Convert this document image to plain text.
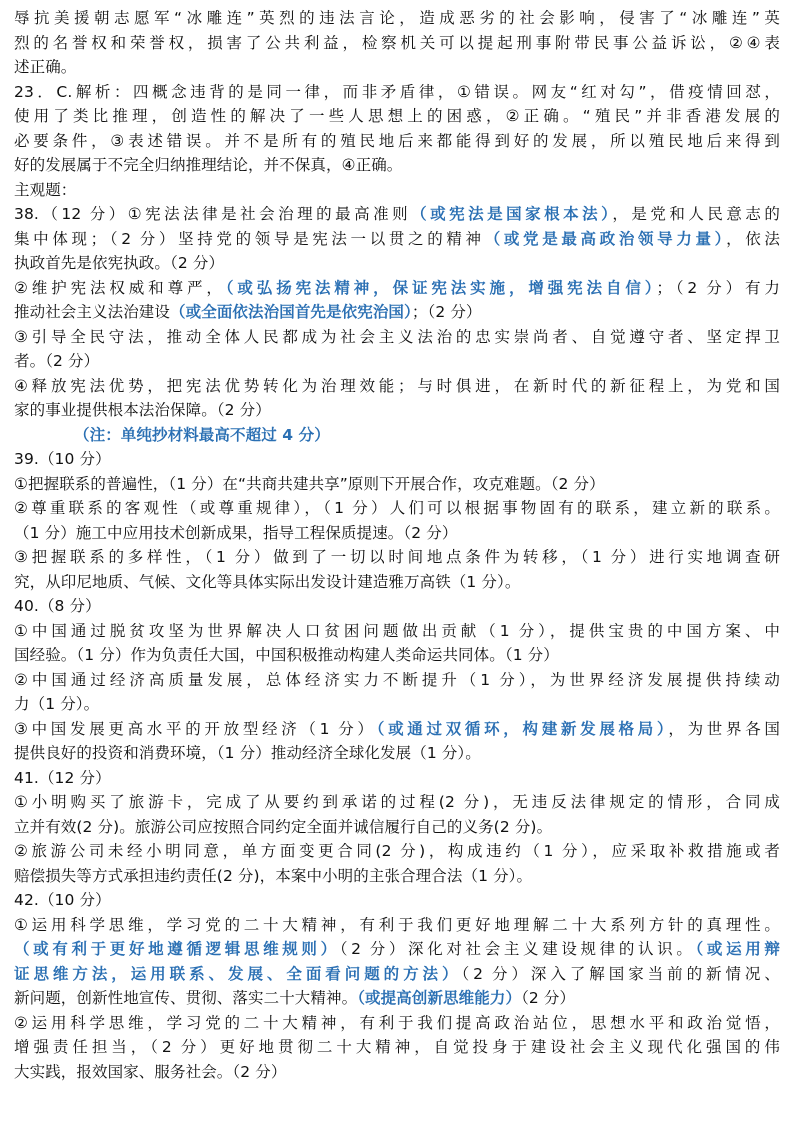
辱抗美援朝志愿军“冰雕连”英烈的违法言论，造成恶劣的社会影响，侵害了“冰雕连”英
烈的名誉权和荣誉权，损害了公共利益，检察机关可以提起刑事附带民事公益诉讼，②④表
述正确。
23．C.解析：四概念违背的是同一律，而非矛盾律，①错误。网友“红对勾”，借疫情回怼，
使用了类比推理，创造性的解决了一些人思想上的困惑，②正确。“殖民”并非香港发展的
必要条件，③表述错误。并不是所有的殖民地后来都能得到好的发展，所以殖民地后来得到
好的发展属于不完全归纳推理结论，并不保真，④正确。
主观题：
38.（12 分）①宪法法律是社会治理的最高准则（或宪法是国家根本法），是党和人民意志的
集中体现；（2 分）坚持党的领导是宪法一以贯之的精神（或党是最高政治领导力量），依法
执政首先是依宪执政。（2 分）
②维护宪法权威和尊严，（或弘扬宪法精神，保证宪法实施，增强宪法自信）；（2 分）有力
推动社会主义法治建设（或全面依法治国首先是依宪治国）；（2 分）
③引导全民守法，推动全体人民都成为社会主义法治的忠实崇尚者、自觉遵守者、坚定捍卫
者。（2 分）
④释放宪法优势，把宪法优势转化为治理效能；与时俱进，在新时代的新征程上，为党和国
家的事业提供根本法治保障。（2 分）
（注：单纯抄材料最高不超过 4 分）
39.（10 分）
①把握联系的普遍性，（1 分）在“共商共建共享”原则下开展合作，攻克难题。（2 分）
②尊重联系的客观性（或尊重规律），（1 分）人们可以根据事物固有的联系，建立新的联系。
（1 分）施工中应用技术创新成果，指导工程保质提速。（2 分）
③把握联系的多样性，（1 分）做到了一切以时间地点条件为转移，（1 分）进行实地调查研
究，从印尼地质、气候、文化等具体实际出发设计建造雅万高铁（1 分）。
40.（8 分）
①中国通过脱贫攻坚为世界解决人口贫困问题做出贡献（1 分），提供宝贵的中国方案、中
国经验。（1 分）作为负责任大国，中国积极推动构建人类命运共同体。（1 分）
②中国通过经济高质量发展，总体经济实力不断提升（1 分），为世界经济发展提供持续动
力（1 分）。
③中国发展更高水平的开放型经济（1 分）（或通过双循环，构建新发展格局），为世界各国
提供良好的投资和消费环境，（1 分）推动经济全球化发展（1 分）。
41.（12 分）
①小明购买了旅游卡，完成了从要约到承诺的过程(2 分)，无违反法律规定的情形，合同成
立并有效(2 分)。旅游公司应按照合同约定全面并诚信履行自己的义务(2 分)。
②旅游公司未经小明同意，单方面变更合同(2 分)，构成违约（1 分），应采取补救措施或者
赔偿损失等方式承担违约责任(2 分)，本案中小明的主张合理合法（1 分）。
42.（10 分）
①运用科学思维，学习党的二十大精神，有利于我们更好地理解二十大系列方针的真理性。
（或有利于更好地遵循逻辑思维规则）（2 分）深化对社会主义建设规律的认识。（或运用辩
证思维方法，运用联系、发展、全面看问题的方法）（2 分）深入了解国家当前的新情况、
新问题，创新性地宣传、贯彻、落实二十大精神。（或提高创新思维能力）（2 分）
②运用科学思维，学习党的二十大精神，有利于我们提高政治站位，思想水平和政治觉悟，
增强责任担当，（2 分）更好地贯彻二十大精神，自觉投身于建设社会主义现代化强国的伟
大实践，报效国家、服务社会。（2 分）
